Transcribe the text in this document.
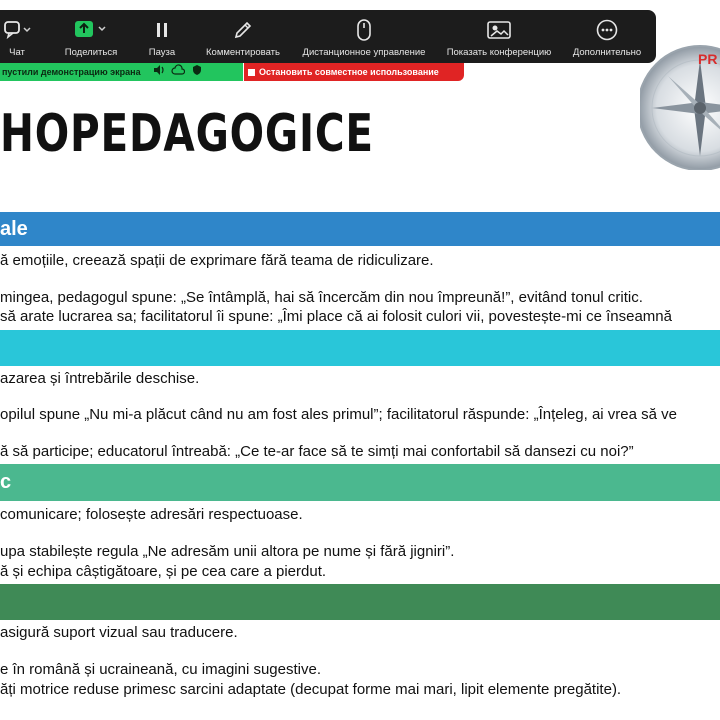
HOPEDAGOGICE
PR
ale
ă emoțiile, creează spații de exprimare fără teama de ridiculizare.
mingea, pedagogul spune: „Se întâmplă, hai să încercăm din nou împreună!”, evitând tonul critic.
să arate lucrarea sa; facilitatorul îi spune: „Îmi place că ai folosit culori vii, povestește-mi ce înseamnă
azarea și întrebările deschise.
opilul spune „Nu mi-a plăcut când nu am fost ales primul”; facilitatorul răspunde: „Înțeleg, ai vrea să ve
ă să participe; educatorul întreabă: „Ce te-ar face să te simți mai confortabil să dansezi cu noi?”
c
comunicare; folosește adresări respectuoase.
upa stabilește regula „Ne adresăm unii altora pe nume și fără jigniri”.
ă și echipa câștigătoare, și pe cea care a pierdut.
asigură suport vizual sau traducere.
e în română și ucraineană, cu imagini sugestive.
ăți motrice reduse primesc sarcini adaptate (decupat forme mai mari, lipit elemente pregătite).
Чат	Поделиться	Пауза	Комментировать Дистанционное управление Показать конференцию Дополнительно
пустили демонстрацию экрана	Остановить совместное использование
